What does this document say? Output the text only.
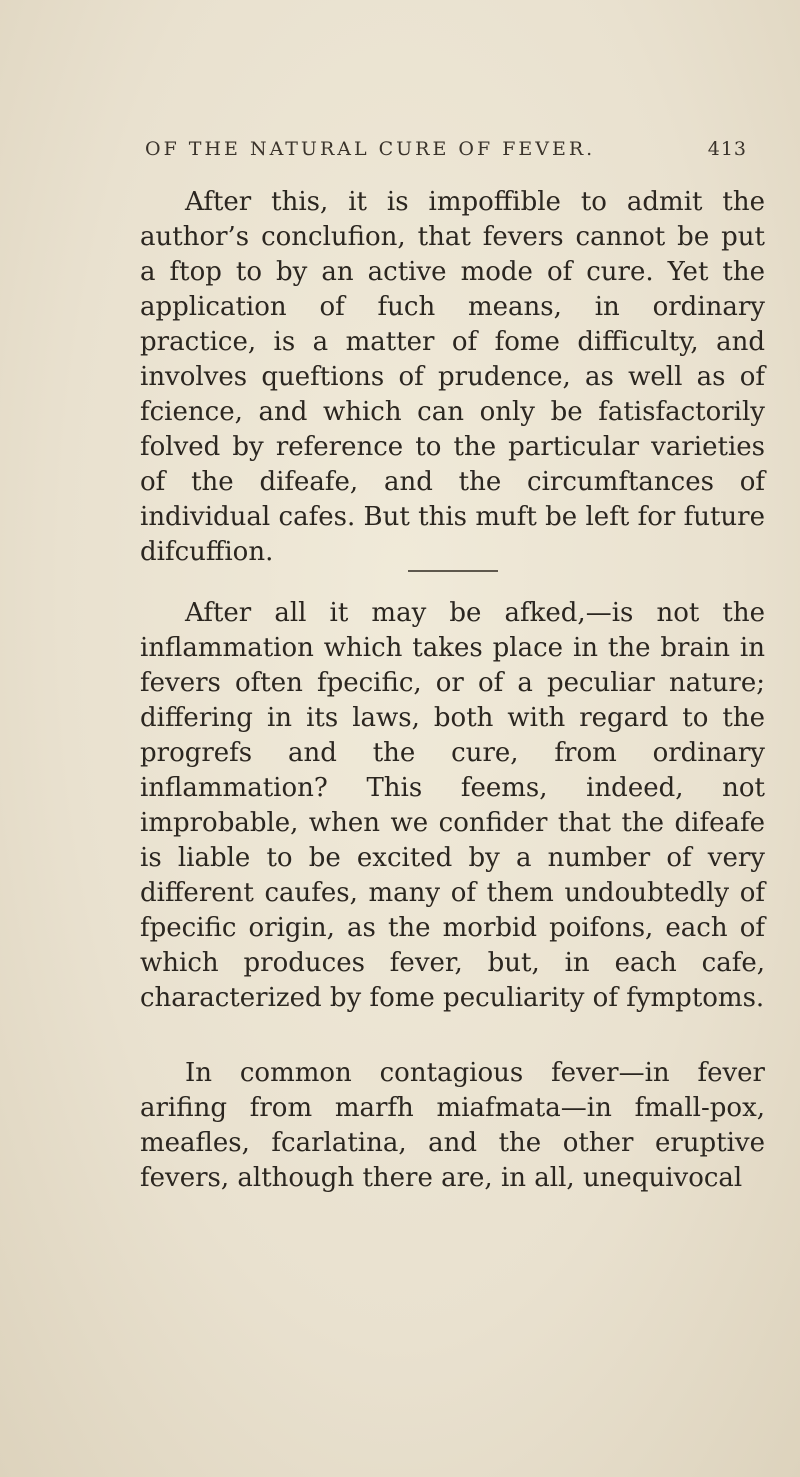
OF THE NATURAL CURE OF FEVER.	413

After this, it is impoffible to admit the author’s conclufion, that fevers cannot be put a ftop to by an active mode of cure. Yet the application of fuch means, in ordinary practice, is a matter of fome difficulty, and involves queftions of prudence, as well as of fcience, and which can only be fatisfactorily folved by reference to the particular varieties of the difeafe, and the circumftances of individual cafes. But this muft be left for future difcuffion.

After all it may be afked,—is not the inflammation which takes place in the brain in fevers often fpecific, or of a peculiar nature; differing in its laws, both with regard to the progrefs and the cure, from ordinary inflammation? This feems, indeed, not improbable, when we confider that the difeafe is liable to be excited by a number of very different caufes, many of them undoubtedly of fpecific origin, as the morbid poifons, each of which produces fever, but, in each cafe, characterized by fome peculiarity of fymptoms.

In common contagious fever—in fever arifing from marfh miafmata—in fmall-pox, meafles, fcarlatina, and the other eruptive fevers, although there are, in all, unequivocal
